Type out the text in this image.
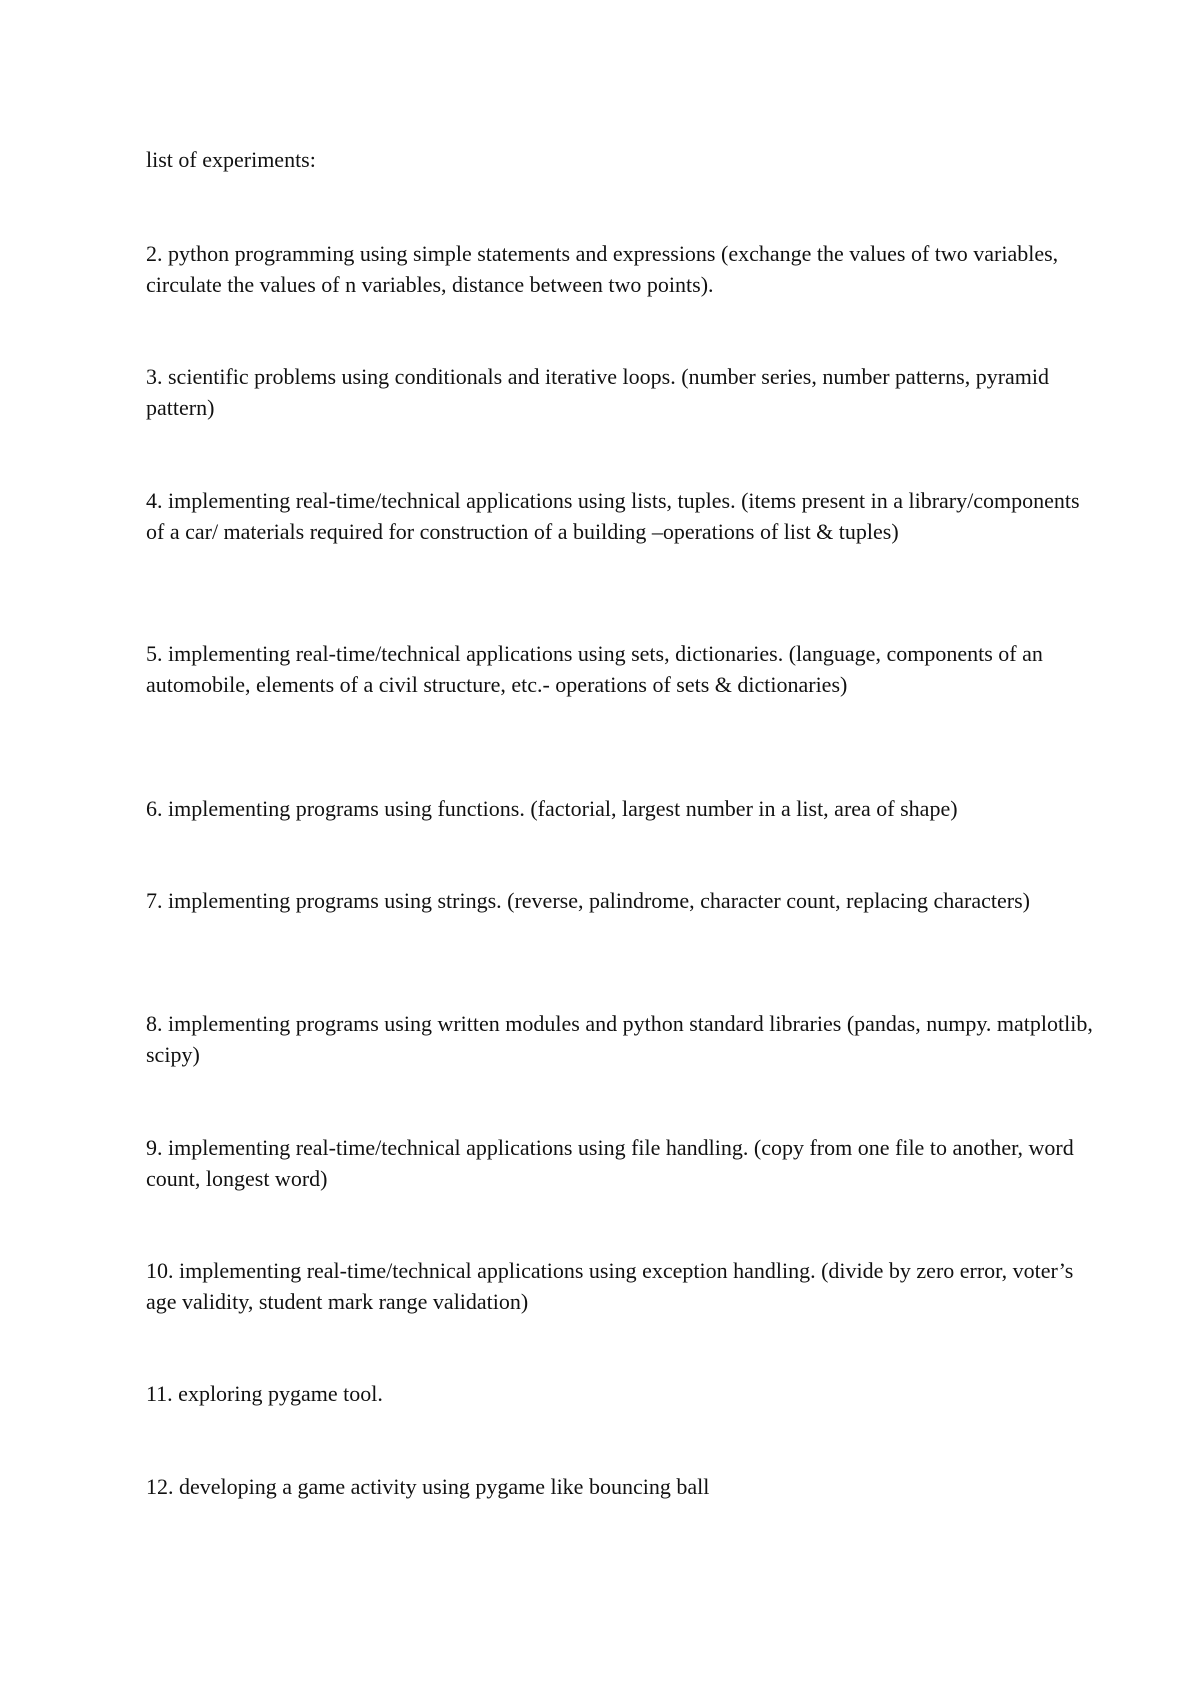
list of experiments:

2. python programming using simple statements and expressions (exchange the values of two variables, circulate the values of n variables, distance between two points).

3. scientific problems using conditionals and iterative loops. (number series, number patterns, pyramid pattern)

4. implementing real-time/technical applications using lists, tuples. (items present in a library/components of a car/ materials required for construction of a building –operations of list & tuples)

5. implementing real-time/technical applications using sets, dictionaries. (language, components of an automobile, elements of a civil structure, etc.- operations of sets & dictionaries)

6. implementing programs using functions. (factorial, largest number in a list, area of shape)

7. implementing programs using strings. (reverse, palindrome, character count, replacing characters)

8. implementing programs using written modules and python standard libraries (pandas, numpy. matplotlib, scipy)

9. implementing real-time/technical applications using file handling. (copy from one file to another, word count, longest word)

10. implementing real-time/technical applications using exception handling. (divide by zero error, voter’s age validity, student mark range validation)

11. exploring pygame tool.

12. developing a game activity using pygame like bouncing ball
